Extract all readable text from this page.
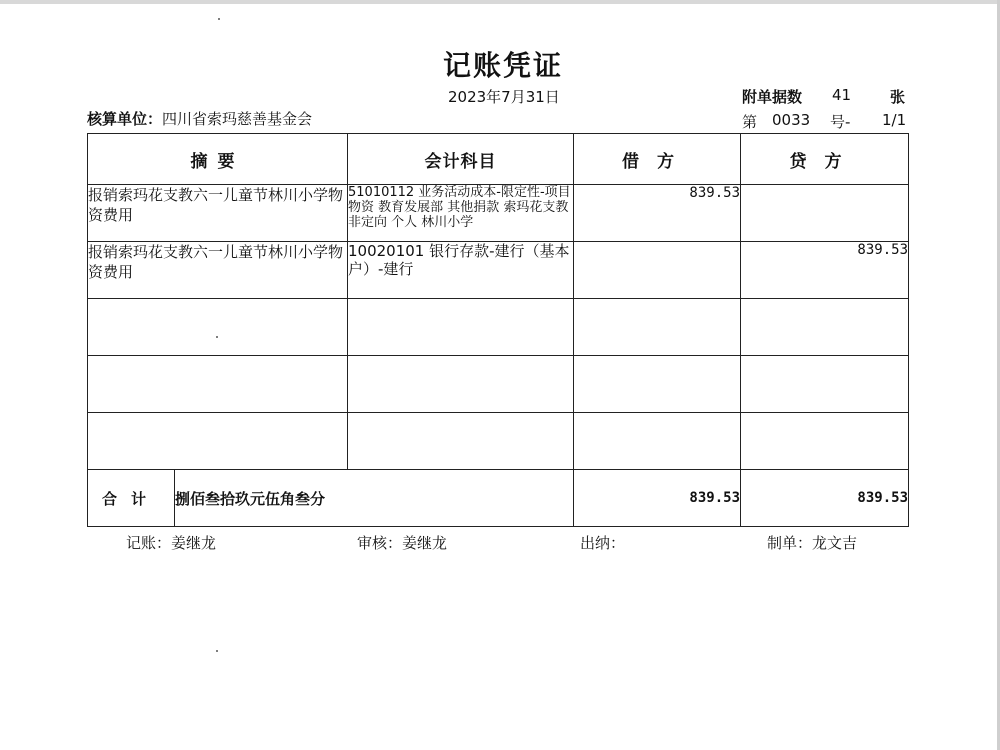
记账凭证
2023年7月31日	附单据数	41	张
核算单位：四川省索玛慈善基金会	第 0033 号- 1/1
摘要		会计科目	借方	贷方
报销索玛花支教六一儿童节林川小学物资费用		51010112 业务活动成本-限定性-项目物资 教育发展部 其他捐款 索玛花支教 非定向 个人 林川小学	839.53	
报销索玛花支教六一儿童节林川小学物资费用		10020101 银行存款-建行（基本户）-建行		839.53

合计	捌佰叁拾玖元伍角叁分		839.53	839.53
记账：姜继龙	审核：姜继龙	出纳：	制单：龙文吉
